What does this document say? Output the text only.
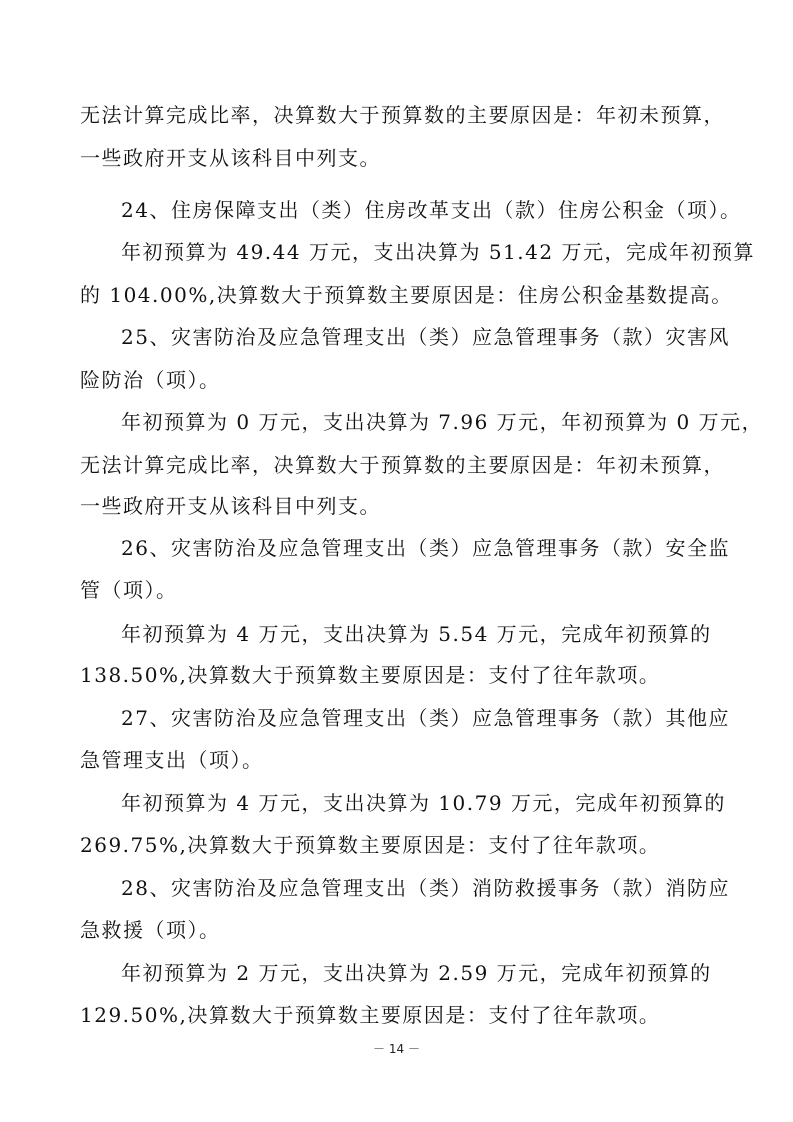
无法计算完成比率，决算数大于预算数的主要原因是：年初未预算，
一些政府开支从该科目中列支。
24、住房保障支出（类）住房改革支出（款）住房公积金（项）。
年初预算为 49.44 万元，支出决算为 51.42 万元，完成年初预算
的 104.00%,决算数大于预算数主要原因是：住房公积金基数提高。
25、灾害防治及应急管理支出（类）应急管理事务（款）灾害风
险防治（项）。
年初预算为 0 万元，支出决算为 7.96 万元，年初预算为 0 万元，
无法计算完成比率，决算数大于预算数的主要原因是：年初未预算，
一些政府开支从该科目中列支。
26、灾害防治及应急管理支出（类）应急管理事务（款）安全监
管（项）。
年初预算为 4 万元，支出决算为 5.54 万元，完成年初预算的
138.50%,决算数大于预算数主要原因是：支付了往年款项。
27、灾害防治及应急管理支出（类）应急管理事务（款）其他应
急管理支出（项）。
年初预算为 4 万元，支出决算为 10.79 万元，完成年初预算的
269.75%,决算数大于预算数主要原因是：支付了往年款项。
28、灾害防治及应急管理支出（类）消防救援事务（款）消防应
急救援（项）。
年初预算为 2 万元，支出决算为 2.59 万元，完成年初预算的
129.50%,决算数大于预算数主要原因是：支付了往年款项。
－ 14 －
